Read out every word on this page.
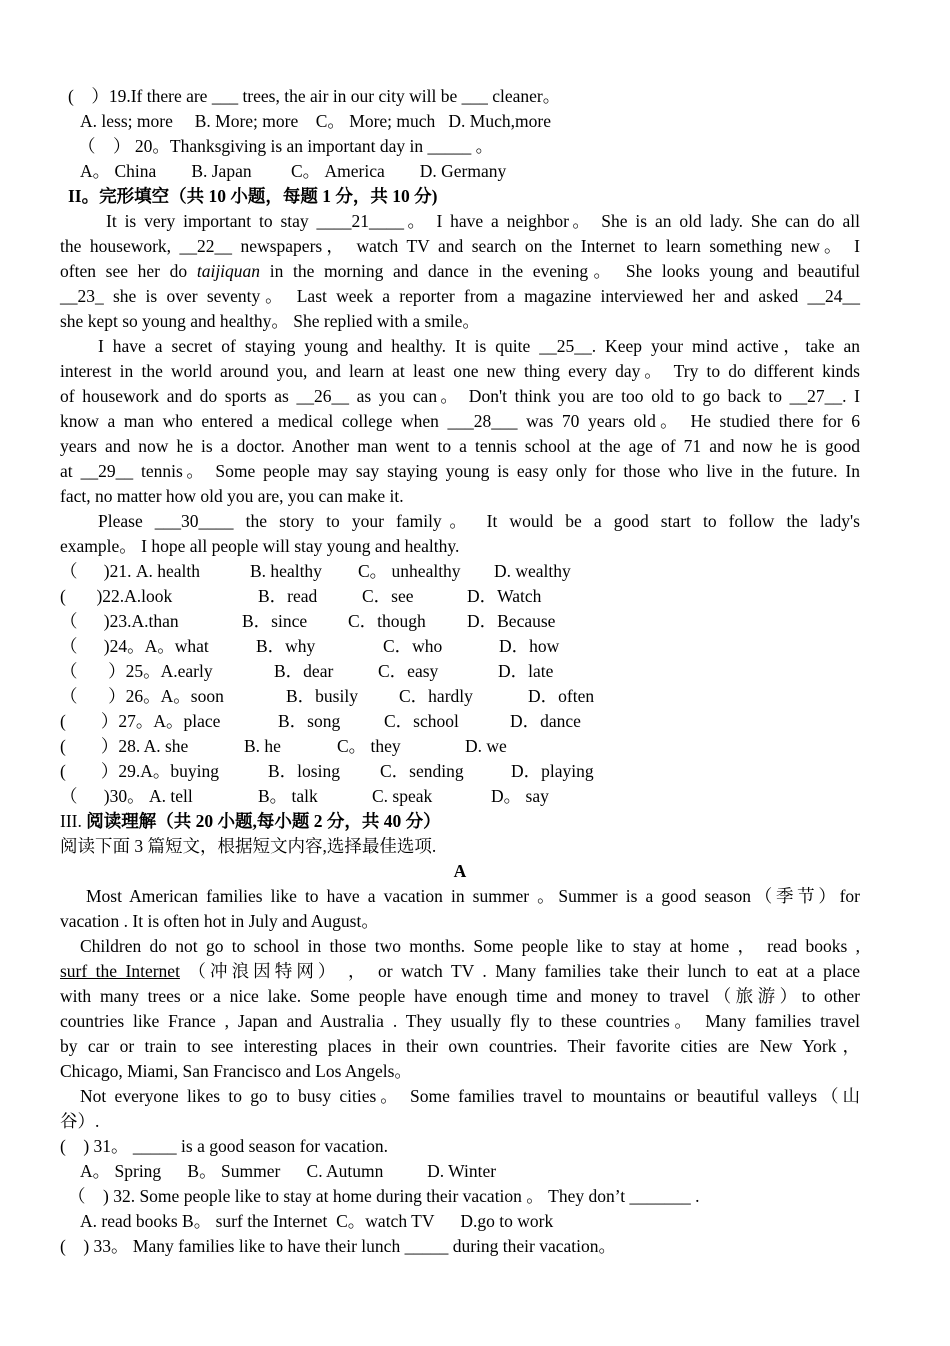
(    ）19.If there are ___ trees, the air in our city will be ___ cleaner。
A. less; more     B. More; more    C。 More; much   D. Much,more
（    ） 20。Thanksgiving is an important day in _____ 。
A。 China        B. Japan         C。 America        D. Germany
II。完形填空（共 10 小题，每题 1 分，共 10 分)
It is very important to stay ____21____。 I have a neighbor。 She is an old lady. She can do all
the housework, __22__ newspapers， watch TV and search on the Internet to learn something new。 I
often see her do taijiquan in the morning and dance in the evening。 She looks young and beautiful
__23_ she is over seventy。 Last week a reporter from a magazine interviewed her and asked __24__
she kept so young and healthy。 She replied with a smile。
I have a secret of staying young and healthy. It is quite __25__. Keep your mind active，take an
interest in the world around you, and learn at least one new thing every day。 Try to do different kinds
of housework and do sports as __26__ as you can。 Don't think you are too old to go back to __27__. I
know a man who entered a medical college when ___28___ was 70 years old。 He studied there for 6
years and now he is a doctor. Another man went to a tennis school at the age of 71 and now he is good
at __29__ tennis。 Some people may say staying young is easy only for those who live in the future. In
fact, no matter how old you are, you can make it.
Please ___30____ the story to your family。 It would be a good start to follow the lady's
example。 I hope all people will stay young and healthy.
（      )21. A. health	B. healthy	C。 unhealthy	D. wealthy
(       )22.A.look	B．read	C．see	D．Watch
（      )23.A.than	B．since	C．though	D．Because
（      )24。A。what	B．why	C．who	D．how
（       ）25。A.early	B．dear	C．easy	D．late
（       ）26。A。soon	B．busily	C．hardly	D．often
(        ）27。A。place	B．song	C．school	D．dance
(        ）28. A. she	B. he	C。 they	D. we
(        ）29.A。buying	B．losing	C．sending	D．playing
（      )30。 A. tell	B。 talk	C. speak	D。 say
III. 阅读理解（共 20 小题,每小题 2 分，共 40 分）
阅读下面 3 篇短文，根据短文内容,选择最佳选项.
A
Most American families like to have a vacation in summer 。Summer is a good season（季节）for
vacation . It is often hot in July and August。
Children do not go to school in those two months. Some people like to stay at home ， read books ,
surf the Internet （冲浪因特网） ， or watch TV . Many families take their lunch to eat at a place
with many trees or a nice lake. Some people have enough time and money to travel（旅游）to other
countries like France , Japan and Australia . They usually fly to these countries。 Many families travel
by car or train to see interesting places in their own countries. Their favorite cities are New York，
Chicago, Miami, San Francisco and Los Angels。
Not everyone likes to go to busy cities。 Some families travel to mountains or beautiful valleys（山
谷）.
(    ) 31。 _____ is a good season for vacation.
A。 Spring      B。 Summer      C. Autumn          D. Winter
（    ) 32. Some people like to stay at home during their vacation 。 They don’t _______ .
A. read books B。 surf the Internet  C。watch TV      D.go to work
(    ) 33。 Many families like to have their lunch _____ during their vacation。
